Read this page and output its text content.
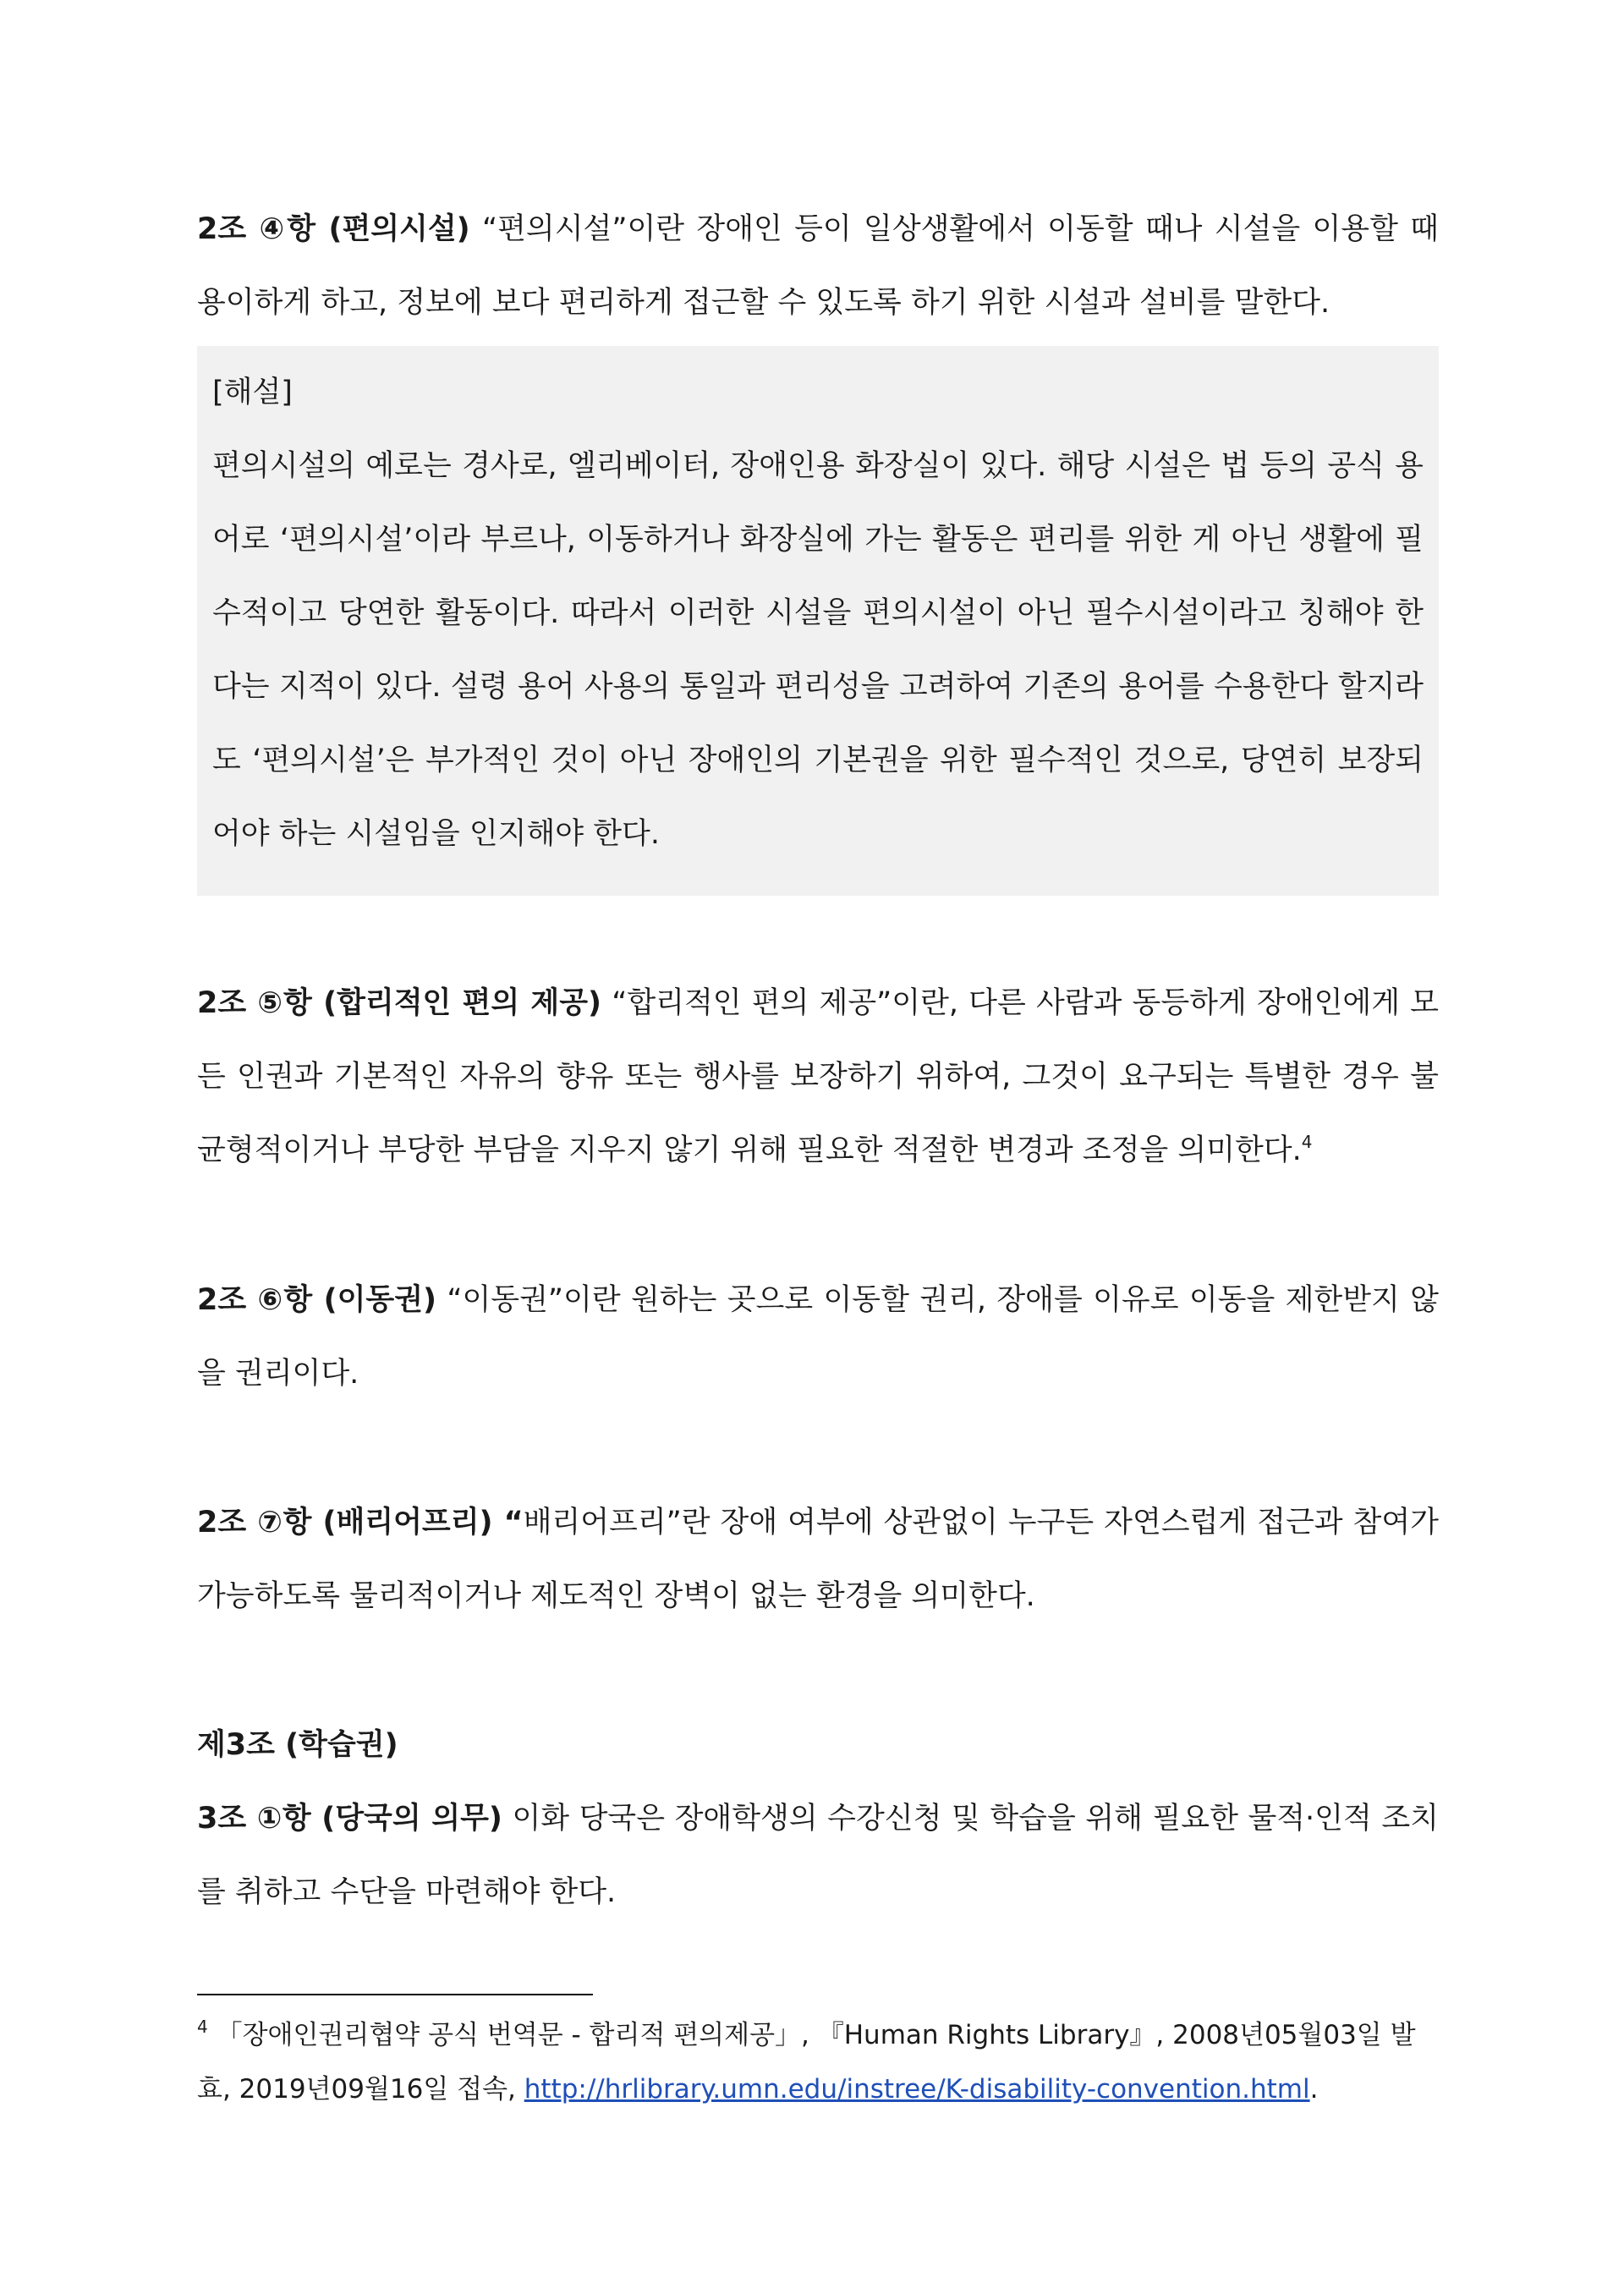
2조 ④항 (편의시설) “편의시설”이란 장애인 등이 일상생활에서 이동할 때나 시설을 이용할 때 용이하게 하고, 정보에 보다 편리하게 접근할 수 있도록 하기 위한 시설과 설비를 말한다.

[해설]

편의시설의 예로는 경사로, 엘리베이터, 장애인용 화장실이 있다. 해당 시설은 법 등의 공식 용어로 ‘편의시설’이라 부르나, 이동하거나 화장실에 가는 활동은 편리를 위한 게 아닌 생활에 필수적이고 당연한 활동이다. 따라서 이러한 시설을 편의시설이 아닌 필수시설이라고 칭해야 한다는 지적이 있다. 설령 용어 사용의 통일과 편리성을 고려하여 기존의 용어를 수용한다 할지라도 ‘편의시설’은 부가적인 것이 아닌 장애인의 기본권을 위한 필수적인 것으로, 당연히 보장되어야 하는 시설임을 인지해야 한다.

2조 ⑤항 (합리적인 편의 제공) “합리적인 편의 제공”이란, 다른 사람과 동등하게 장애인에게 모든 인권과 기본적인 자유의 향유 또는 행사를 보장하기 위하여, 그것이 요구되는 특별한 경우 불균형적이거나 부당한 부담을 지우지 않기 위해 필요한 적절한 변경과 조정을 의미한다.$^4$

2조 ⑥항 (이동권) “이동권”이란 원하는 곳으로 이동할 권리, 장애를 이유로 이동을 제한받지 않을 권리이다.

2조 ⑦항 (배리어프리) “배리어프리”란 장애 여부에 상관없이 누구든 자연스럽게 접근과 참여가 가능하도록 물리적이거나 제도적인 장벽이 없는 환경을 의미한다.

제3조 (학습권)

3조 ①항 (당국의 의무) 이화 당국은 장애학생의 수강신청 및 학습을 위해 필요한 물적·인적 조치를 취하고 수단을 마련해야 한다.

$^4$ 「장애인권리협약 공식 번역문 - 합리적 편의제공」, 『Human Rights Library』, 2008년05월03일 발효, 2019년09월16일 접속, http://hrlibrary.umn.edu/instree/K-disability-convention.html.
